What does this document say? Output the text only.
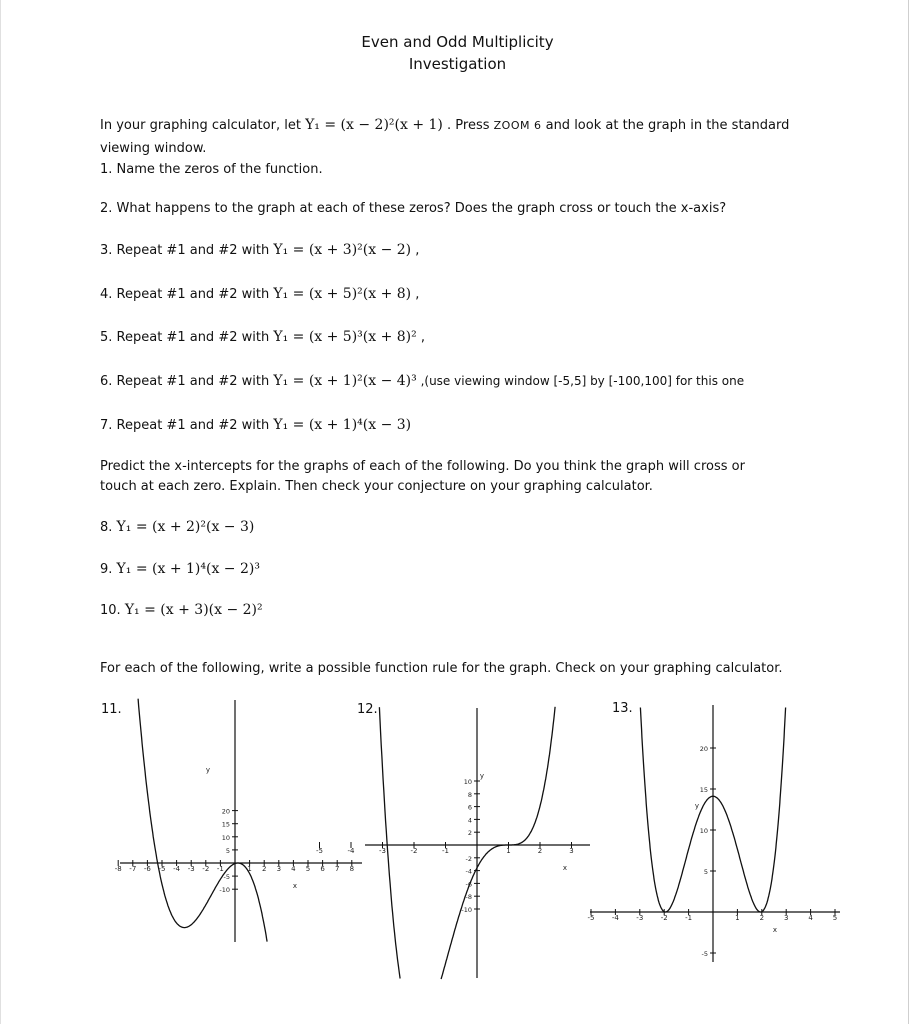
Even and Odd Multiplicity
Investigation
In your graphing calculator, let Y₁ = (x − 2)²(x + 1) . Press ZOOM 6 and look at the graph in the standard
viewing window.
1. Name the zeros of the function.
2. What happens to the graph at each of these zeros? Does the graph cross or touch the x-axis?
3. Repeat #1 and #2 with Y₁ = (x + 3)²(x − 2) ,
4. Repeat #1 and #2 with Y₁ = (x + 5)²(x + 8) ,
5. Repeat #1 and #2 with Y₁ = (x + 5)³(x + 8)² ,
6. Repeat #1 and #2 with Y₁ = (x + 1)²(x − 4)³ ,(use viewing window [-5,5] by [-100,100] for this one
7. Repeat #1 and #2 with Y₁ = (x + 1)⁴(x − 3)
Predict the x-intercepts for the graphs of each of the following. Do you think the graph will cross or
touch at each zero. Explain. Then check your conjecture on your graphing calculator.
8. Y₁ = (x + 2)²(x − 3)
9. Y₁ = (x + 1)⁴(x − 2)³
10. Y₁ = (x + 3)(x − 2)²
For each of the following, write a possible function rule for the graph. Check on your graphing calculator.
11.	12.	13.
-8 -7 -6 -5 -4 -3 -2 -1	1 2 3 4 5 6 7 8
20
15
10
5
-5
-10
x
y
-5	-4	-3	-2	-1	1	2	3
10
8
6
4
2
-2
-4
-6
-8
-10
x
y
-5 -4 -3 -2 -1	1	2	3	4	5
20
15
10
5
-5
x
y
